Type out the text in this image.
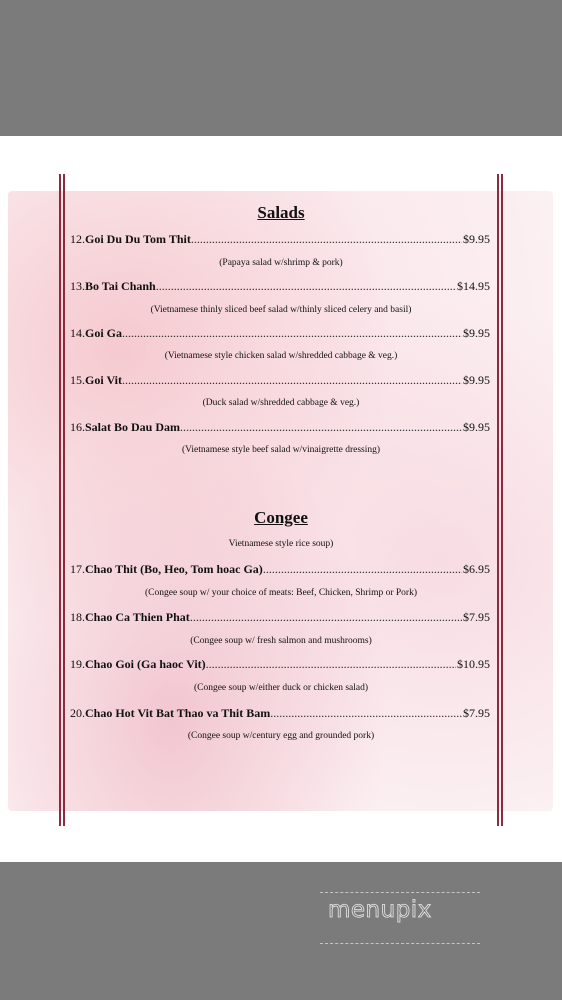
Salads
12. Goi Du Du Tom Thit .....	$9.95
(Papaya salad w/shrimp & pork)
13. Bo Tai Chanh .....	$14.95
(Vietnamese thinly sliced beef salad w/thinly sliced celery and basil)
14. Goi Ga .....	$9.95
(Vietnamese style chicken salad w/shredded cabbage & veg.)
15. Goi Vit .....	$9.95
(Duck salad w/shredded cabbage & veg.)
16. Salat Bo Dau Dam .....	$9.95
(Vietnamese style beef salad w/vinaigrette dressing)
Congee
Vietnamese style rice soup)
17. Chao Thit (Bo, Heo, Tom hoac Ga) .....	$6.95
(Congee soup w/ your choice of meats: Beef, Chicken, Shrimp or Pork)
18. Chao Ca Thien Phat .....	$7.95
(Congee soup w/ fresh salmon and mushrooms)
19. Chao Goi (Ga haoc Vit) .....	$10.95
(Congee soup w/either duck or chicken salad)
20. Chao Hot Vit Bat Thao va Thit Bam .....	$7.95
(Congee soup w/century egg and grounded pork)
menupix
